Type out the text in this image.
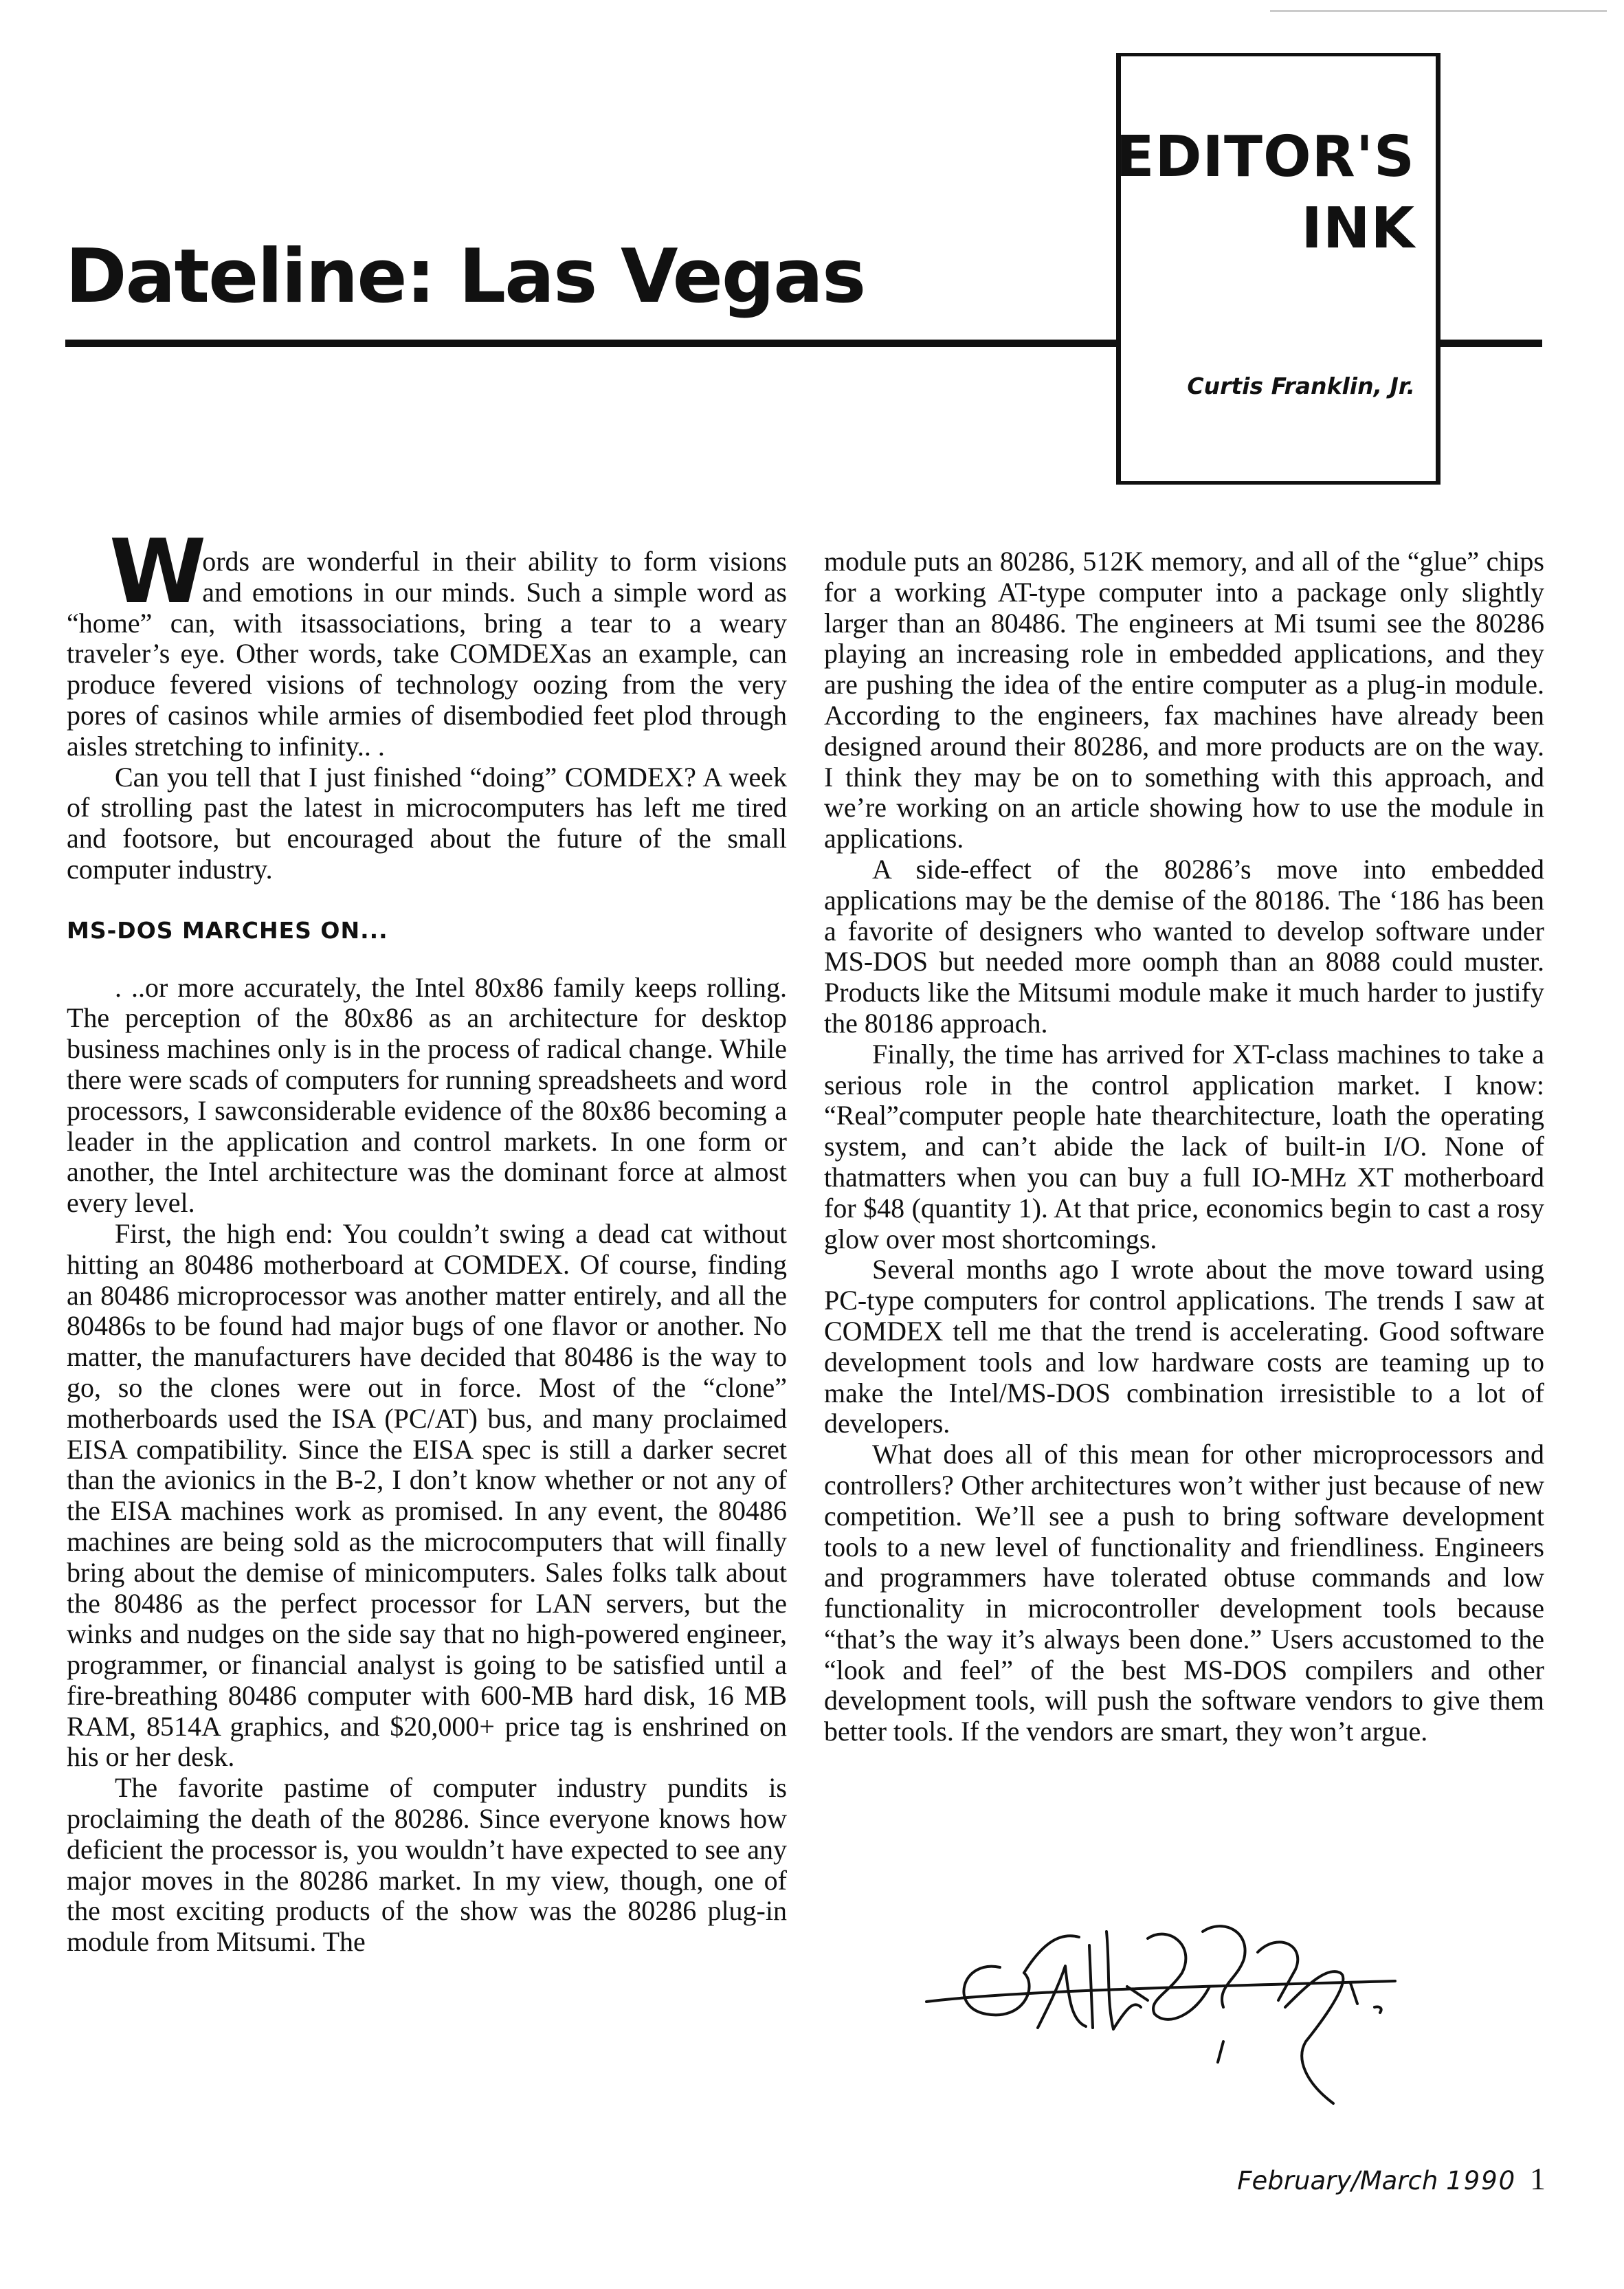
EDITOR'S
INK
Curtis Franklin, Jr.
Dateline: Las Vegas

Words are wonderful in their ability to form visions and emotions in our minds. Such a simple word as “home” can, with itsassociations, bring a tear to a weary traveler’s eye. Other words, take COMDEXas an example, can produce fevered visions of technology oozing from the very pores of casinos while armies of disembodied feet plod through aisles stretching to infinity.. .

Can you tell that I just finished “doing” COMDEX? A week of strolling past the latest in microcomputers has left me tired and footsore, but encouraged about the future of the small computer industry.

MS-DOS MARCHES ON...

. ..or more accurately, the Intel 80x86 family keeps rolling. The perception of the 80x86 as an architecture for desktop business machines only is in the process of radical change. While there were scads of computers for running spreadsheets and word processors, I sawconsiderable evidence of the 80x86 becoming a leader in the application and control markets. In one form or another, the Intel architecture was the dominant force at almost every level.

First, the high end: You couldn’t swing a dead cat without hitting an 80486 motherboard at COMDEX. Of course, finding an 80486 microprocessor was another matter entirely, and all the 80486s to be found had major bugs of one flavor or another. No matter, the manufacturers have decided that 80486 is the way to go, so the clones were out in force. Most of the “clone” motherboards used the ISA (PC/AT) bus, and many proclaimed EISA compatibility. Since the EISA spec is still a darker secret than the avionics in the B-2, I don’t know whether or not any of the EISA machines work as promised. In any event, the 80486 machines are being sold as the microcomputers that will finally bring about the demise of minicomputers. Sales folks talk about the 80486 as the perfect processor for LAN servers, but the winks and nudges on the side say that no high-powered engineer, programmer, or financial analyst is going to be satisfied until a fire-breathing 80486 computer with 600-MB hard disk, 16 MB RAM, 8514A graphics, and $20,000+ price tag is enshrined on his or her desk.

The favorite pastime of computer industry pundits is proclaiming the death of the 80286. Since everyone knows how deficient the processor is, you wouldn’t have expected to see any major moves in the 80286 market. In my view, though, one of the most exciting products of the show was the 80286 plug-in module from Mitsumi. The

module puts an 80286, 512K memory, and all of the “glue” chips for a working AT-type computer into a package only slightly larger than an 80486. The engineers at Mi tsumi see the 80286 playing an increasing role in embedded applications, and they are pushing the idea of the entire computer as a plug-in module. According to the engineers, fax machines have already been designed around their 80286, and more products are on the way. I think they may be on to something with this approach, and we’re working on an article showing how to use the module in applications.

A side-effect of the 80286’s move into embedded applications may be the demise of the 80186. The ‘186 has been a favorite of designers who wanted to develop software under MS-DOS but needed more oomph than an 8088 could muster. Products like the Mitsumi module make it much harder to justify the 80186 approach.

Finally, the time has arrived for XT-class machines to take a serious role in the control application market. I know: “Real”computer people hate thearchitecture, loath the operating system, and can’t abide the lack of built-in I/O. None of thatmatters when you can buy a full IO-MHz XT motherboard for $48 (quantity 1). At that price, economics begin to cast a rosy glow over most shortcomings.

Several months ago I wrote about the move toward using PC-type computers for control applications. The trends I saw at COMDEX tell me that the trend is accelerating. Good software development tools and low hardware costs are teaming up to make the Intel/MS-DOS combination irresistible to a lot of developers.

What does all of this mean for other microprocessors and controllers? Other architectures won’t wither just because of new competition. We’ll see a push to bring software development tools to a new level of functionality and friendliness. Engineers and programmers have tolerated obtuse commands and low functionality in microcontroller development tools because “that’s the way it’s always been done.” Users accustomed to the “look and feel” of the best MS-DOS compilers and other development tools, will push the software vendors to give them better tools. If the vendors are smart, they won’t argue.

February/March 1990 1
